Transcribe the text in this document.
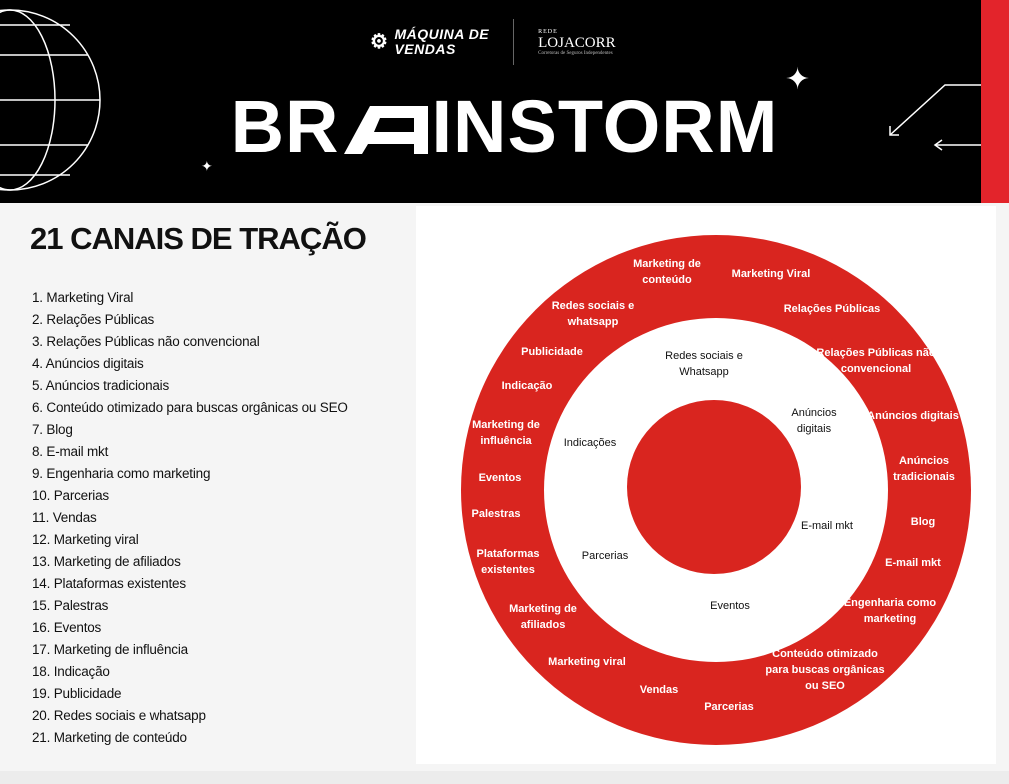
⚙ MÁQUINA DE
VENDAS
REDE
LOJACORR
Corretoras de Seguros Independentes
BR INSTORM
✦
✦
21 CANAIS DE TRAÇÃO
1. Marketing Viral
2. Relações Públicas
3. Relações Públicas não convencional
4. Anúncios digitais
5. Anúncios tradicionais
6. Conteúdo otimizado para buscas orgânicas ou SEO
7. Blog
8. E-mail mkt
9. Engenharia como marketing
10. Parcerias
11. Vendas
12. Marketing viral
13. Marketing de afiliados
14. Plataformas existentes
15. Palestras
16. Eventos
17. Marketing de influência
18. Indicação
19. Publicidade
20. Redes sociais e whatsapp
21. Marketing de conteúdo
Marketing de conteúdo	Marketing Viral
Relações Públicas
Relações Públicas não convencional
Anúncios digitais
Anúncios tradicionais
Blog
E-mail mkt
Engenharia como marketing
Conteúdo otimizado para buscas orgânicas ou SEO
Parcerias
Vendas
Marketing viral
Marketing de afiliados
Plataformas existentes
Palestras
Eventos
Marketing de influência
Indicação
Publicidade
Redes sociais e whatsapp
Redes sociais e Whatsapp
Anúncios digitais
E-mail mkt
Eventos
Parcerias
Indicações
